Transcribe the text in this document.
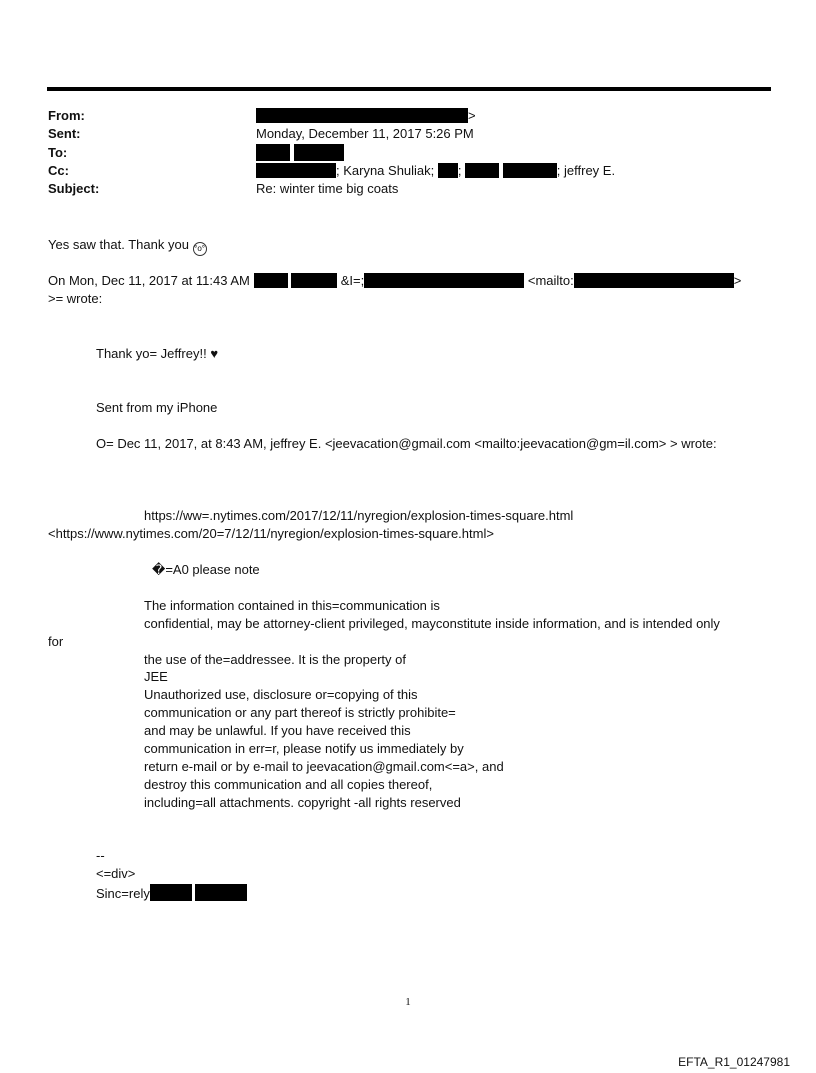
From:	>
Sent:	Monday, December 11, 2017 5:26 PM
To:

Cc:	; Karyna Shuliak; ;	; jeffrey E.
Subject:	Re: winter time big coats
Yes saw that. Thank you °o°
On Mon, Dec 11, 2017 at 11:43 AM	&I=;	<mailto:	>
>= wrote:
Thank yo= Jeffrey!! ♥
Sent from my iPhone
O= Dec 11, 2017, at 8:43 AM, jeffrey E. <jeevacation@gmail.com <mailto:jeevacation@gm=il.com> > wrote:
https://ww=.nytimes.com/2017/12/11/nyregion/explosion-times-square.html
<https://www.nytimes.com/20=7/12/11/nyregion/explosion-times-square.html>
�=A0 please note
The information contained in this=communication is
confidential, may be attorney-client privileged, mayconstitute inside information, and is intended only
for
the use of the=addressee. It is the property of
JEE
Unauthorized use, disclosure or=copying of this
communication or any part thereof is strictly prohibite=
and may be unlawful. If you have received this
communication in err=r, please notify us immediately by
return e-mail or by e-mail to jeevacation@gmail.com<=a>, and
destroy this communication and all copies thereof,
including=all attachments. copyright -all rights reserved
--
<=div>
Sinc=rely
1
EFTA_R1_01247981
